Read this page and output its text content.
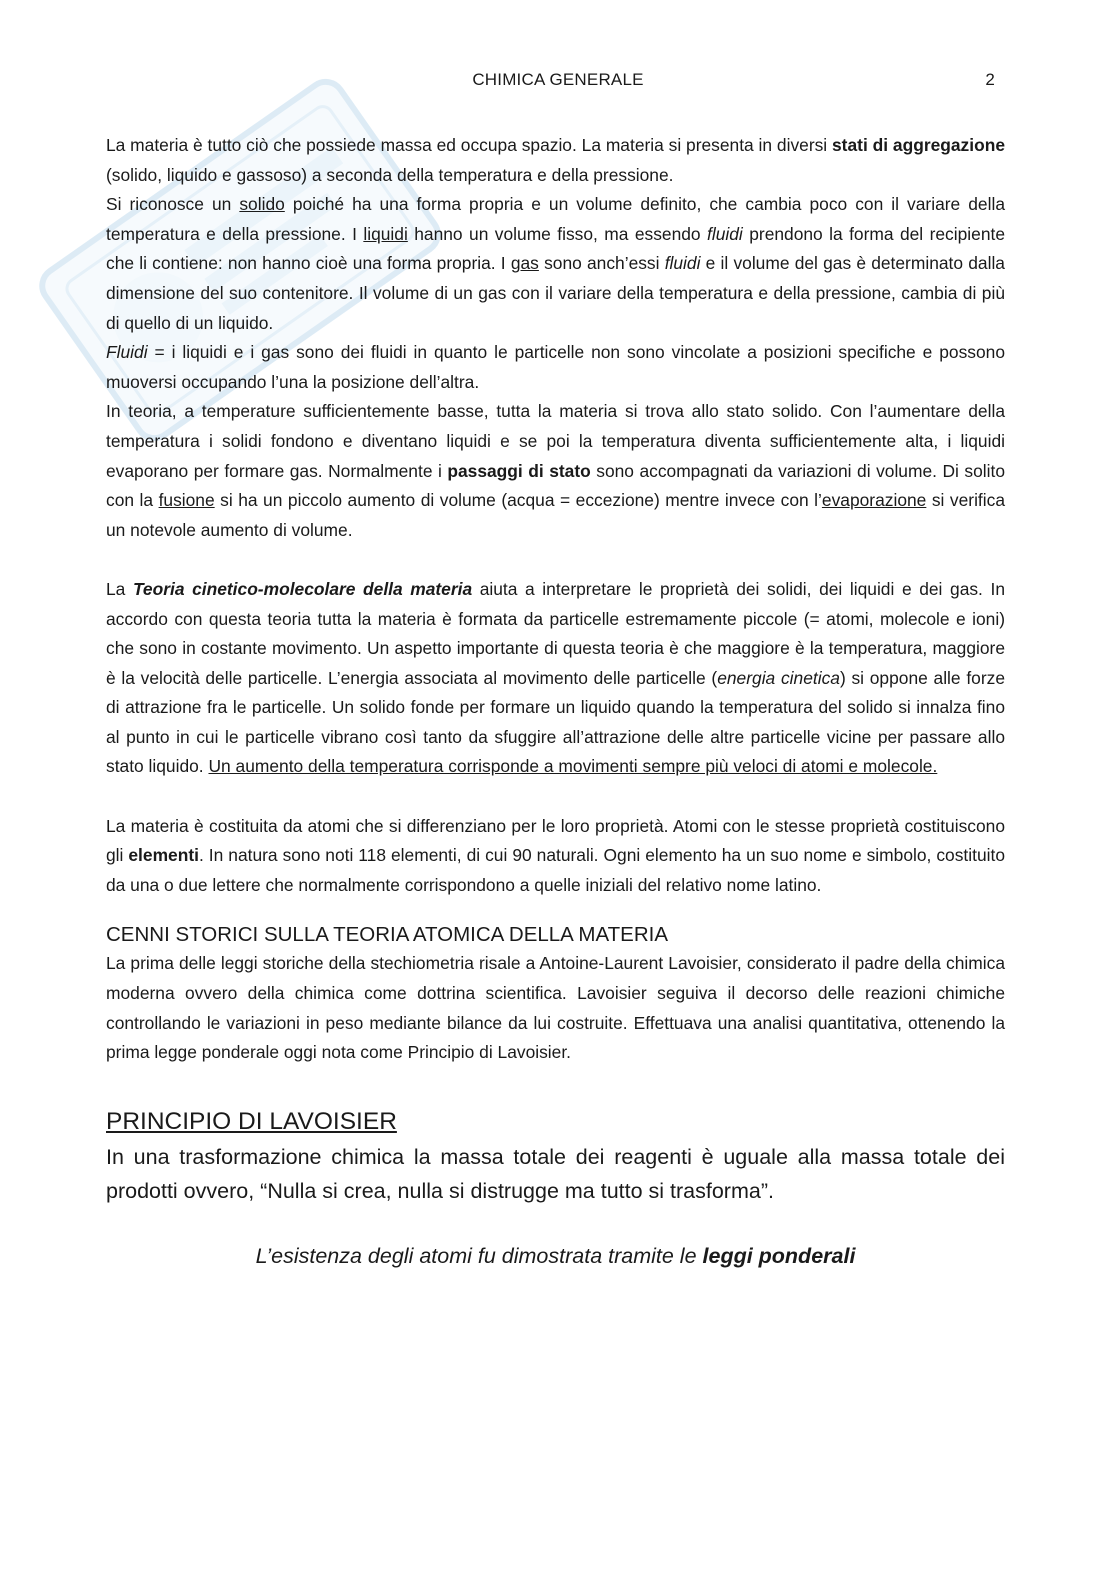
CHIMICA GENERALE	2

La materia è tutto ciò che possiede massa ed occupa spazio. La materia si presenta in diversi stati di aggregazione (solido, liquido e gassoso) a seconda della temperatura e della pressione.

Si riconosce un solido poiché ha una forma propria e un volume definito, che cambia poco con il variare della temperatura e della pressione. I liquidi hanno un volume fisso, ma essendo fluidi prendono la forma del recipiente che li contiene: non hanno cioè una forma propria. I gas sono anch’essi fluidi e il volume del gas è determinato dalla dimensione del suo contenitore. Il volume di un gas con il variare della temperatura e della pressione, cambia di più di quello di un liquido.

Fluidi = i liquidi e i gas sono dei fluidi in quanto le particelle non sono vincolate a posizioni specifiche e possono muoversi occupando l’una la posizione dell’altra.

In teoria, a temperature sufficientemente basse, tutta la materia si trova allo stato solido. Con l’aumentare della temperatura i solidi fondono e diventano liquidi e se poi la temperatura diventa sufficientemente alta, i liquidi evaporano per formare gas. Normalmente i passaggi di stato sono accompagnati da variazioni di volume. Di solito con la fusione si ha un piccolo aumento di volume (acqua = eccezione) mentre invece con l’evaporazione si verifica un notevole aumento di volume.

La Teoria cinetico-molecolare della materia aiuta a interpretare le proprietà dei solidi, dei liquidi e dei gas. In accordo con questa teoria tutta la materia è formata da particelle estremamente piccole (= atomi, molecole e ioni) che sono in costante movimento. Un aspetto importante di questa teoria è che maggiore è la temperatura, maggiore è la velocità delle particelle. L’energia associata al movimento delle particelle (energia cinetica) si oppone alle forze di attrazione fra le particelle. Un solido fonde per formare un liquido quando la temperatura del solido si innalza fino al punto in cui le particelle vibrano così tanto da sfuggire all’attrazione delle altre particelle vicine per passare allo stato liquido. Un aumento della temperatura corrisponde a movimenti sempre più veloci di atomi e molecole.

La materia è costituita da atomi che si differenziano per le loro proprietà. Atomi con le stesse proprietà costituiscono gli elementi. In natura sono noti 118 elementi, di cui 90 naturali. Ogni elemento ha un suo nome e simbolo, costituito da una o due lettere che normalmente corrispondono a quelle iniziali del relativo nome latino.

CENNI STORICI SULLA TEORIA ATOMICA DELLA MATERIA

La prima delle leggi storiche della stechiometria risale a Antoine-Laurent Lavoisier, considerato il padre della chimica moderna ovvero della chimica come dottrina scientifica. Lavoisier seguiva il decorso delle reazioni chimiche controllando le variazioni in peso mediante bilance da lui costruite. Effettuava una analisi quantitativa, ottenendo la prima legge ponderale oggi nota come Principio di Lavoisier.

PRINCIPIO DI LAVOISIER

In una trasformazione chimica la massa totale dei reagenti è uguale alla massa totale dei prodotti ovvero, “Nulla si crea, nulla si distrugge ma tutto si trasforma”.

L’esistenza degli atomi fu dimostrata tramite le leggi ponderali
